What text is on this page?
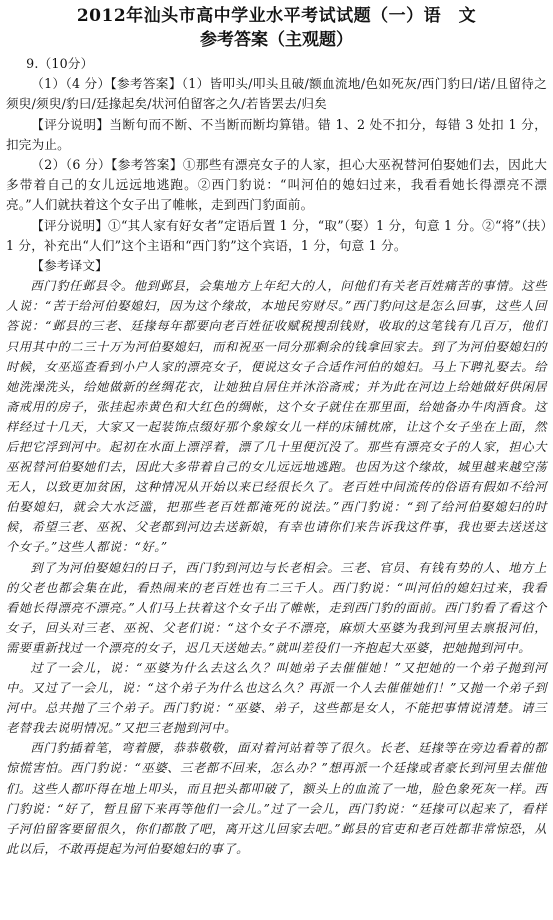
2012年汕头市高中学业水平考试试题（一）语　文
参考答案（主观题）

9.（10分）

（1）（4 分）【参考答案】（1）皆叩头/叩头且破/额血流地/色如死灰/西门豹曰/诺/且留待之须臾/须臾/豹曰/廷掾起矣/状河伯留客之久/若皆罢去/归矣

【评分说明】当断句而不断、不当断而断均算错。错 1、2 处不扣分，每错 3 处扣 1 分，扣完为止。

（2）（6 分）【参考答案】①那些有漂亮女子的人家，担心大巫祝替河伯娶她们去，因此大多带着自己的女儿远远地逃跑。②西门豹说：“叫河伯的媳妇过来，我看看她长得漂亮不漂亮。”人们就扶着这个女子出了帷帐，走到西门豹面前。

【评分说明】①“其人家有好女者”定语后置 1 分，“取”（娶）1 分，句意 1 分。②“将”（扶）1 分，补充出“人们”这个主语和“西门豹”这个宾语，1 分，句意 1 分。

【参考译文】

西门豹任邺县令。他到邺县，会集地方上年纪大的人，问他们有关老百姓痛苦的事情。这些人说：“苦于给河伯娶媳妇，因为这个缘故，本地民穷财尽。”西门豹问这是怎么回事，这些人回答说：“邺县的三老、廷掾每年都要向老百姓征收赋税搜刮钱财，收取的这笔钱有几百万，他们只用其中的二三十万为河伯娶媳妇，而和祝巫一同分那剩余的钱拿回家去。到了为河伯娶媳妇的时候，女巫巡查看到小户人家的漂亮女子，便说这女子合适作河伯的媳妇。马上下聘礼娶去。给她洗澡洗头，给她做新的丝绸花衣，让她独自居住并沐浴斋戒；并为此在河边上给她做好供闲居斋戒用的房子，张挂起赤黄色和大红色的绸帐，这个女子就住在那里面，给她备办牛肉酒食。这样经过十几天，大家又一起装饰点缀好那个象嫁女儿一样的床铺枕席，让这个女子坐在上面，然后把它浮到河中。起初在水面上漂浮着，漂了几十里便沉没了。那些有漂亮女子的人家，担心大巫祝替河伯娶她们去，因此大多带着自己的女儿远远地逃跑。也因为这个缘故，城里越来越空荡无人，以致更加贫困，这种情况从开始以来已经很长久了。老百姓中间流传的俗语有假如不给河伯娶媳妇，就会大水泛滥，把那些老百姓都淹死的说法。”西门豹说：“到了给河伯娶媳妇的时候，希望三老、巫祝、父老都到河边去送新娘，有幸也请你们来告诉我这件事，我也要去送送这个女子。”这些人都说：“好。”

到了为河伯娶媳妇的日子，西门豹到河边与长老相会。三老、官员、有钱有势的人、地方上的父老也都会集在此，看热闹来的老百姓也有二三千人。西门豹说：“叫河伯的媳妇过来，我看看她长得漂亮不漂亮。”人们马上扶着这个女子出了帷帐，走到西门豹的面前。西门豹看了看这个女子，回头对三老、巫祝、父老们说：“这个女子不漂亮，麻烦大巫婆为我到河里去禀报河伯，需要重新找过一个漂亮的女子，迟几天送她去。”就叫差役们一齐抱起大巫婆，把她抛到河中。

过了一会儿，说：“巫婆为什么去这么久？叫她弟子去催催她！”又把她的一个弟子抛到河中。又过了一会儿，说：“这个弟子为什么也这么久？再派一个人去催催她们！”又抛一个弟子到河中。总共抛了三个弟子。西门豹说：“巫婆、弟子，这些都是女人，不能把事情说清楚。请三老替我去说明情况。”又把三老抛到河中。

西门豹插着笔，弯着腰，恭恭敬敬，面对着河站着等了很久。长老、廷掾等在旁边看着的都惊慌害怕。西门豹说：“巫婆、三老都不回来，怎么办？”想再派一个廷掾或者豪长到河里去催他们。这些人都吓得在地上叩头，而且把头都叩破了，额头上的血流了一地，脸色象死灰一样。西门豹说：“好了，暂且留下来再等他们一会儿。”过了一会儿，西门豹说：“廷掾可以起来了，看样子河伯留客要留很久，你们都散了吧，离开这儿回家去吧。”邺县的官吏和老百姓都非常惊恐，从此以后，不敢再提起为河伯娶媳妇的事了。
